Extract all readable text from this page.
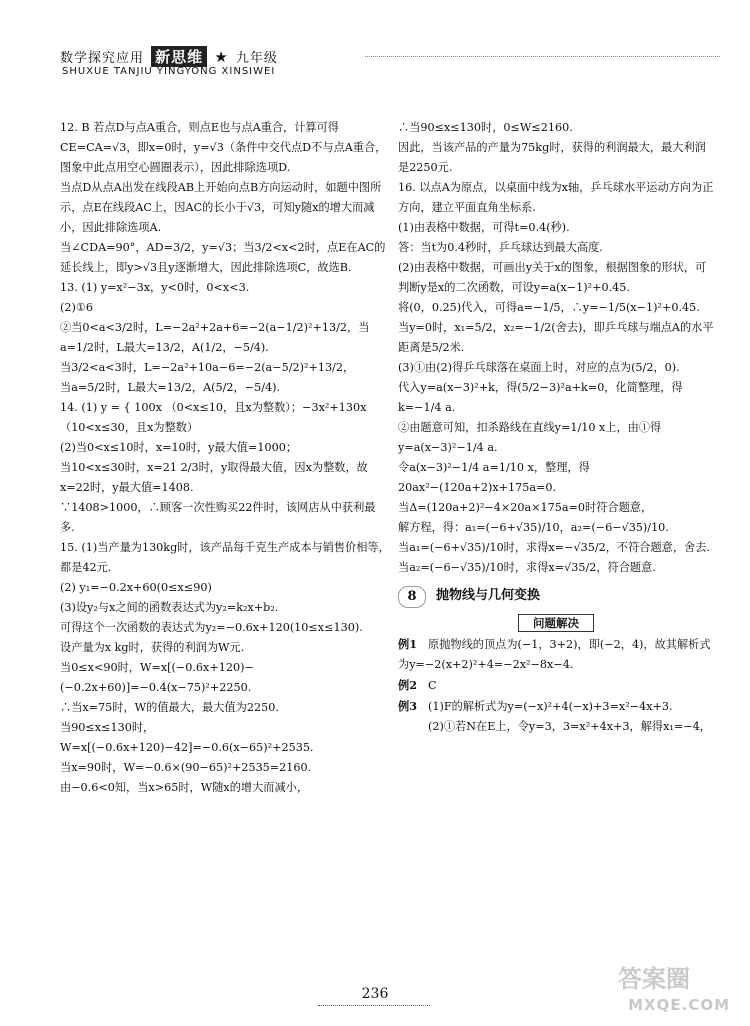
数学探究应用 新思维 ★ 九年级
SHUXUE TANJIU YINGYONG XINSIWEI

12. B 若点D与点A重合，则点E也与点A重合，计算可得CE=CA=√3，即x=0时，y=√3（条件中交代点D不与点A重合，图象中此点用空心圆圈表示），因此排除选项D.

当点D从点A出发在线段AB上开始向点B方向运动时，如题中图所示，点E在线段AC上，因AC的长小于√3，可知y随x的增大而减小，因此排除选项A.

当∠CDA=90°，AD=3/2，y=√3；当3/2<x<2时，点E在AC的延长线上，即y>√3且y逐渐增大，因此排除选项C，故选B.

13. (1) y=x²−3x，y<0时，0<x<3.

(2)①6

②当0<a<3/2时，L=−2a²+2a+6=−2(a−1/2)²+13/2，当a=1/2时，L最大=13/2，A(1/2，−5/4).

当3/2<a<3时，L=−2a²+10a−6=−2(a−5/2)²+13/2，

当a=5/2时，L最大=13/2，A(5/2，−5/4).

14. (1) y = { 100x （0<x≤10，且x为整数）；−3x²+130x （10<x≤30，且x为整数）

(2)当0<x≤10时，x=10时，y最大值=1000；

当10<x≤30时，x=21 2/3时，y取得最大值，因x为整数，故x=22时，y最大值=1408.

∵1408>1000，∴顾客一次性购买22件时，该网店从中获利最多.

15. (1)当产量为130kg时，该产品每千克生产成本与销售价相等，都是42元.

(2) y₁=−0.2x+60(0≤x≤90)

(3)设y₂与x之间的函数表达式为y₂=k₂x+b₂.

可得这个一次函数的表达式为y₂=−0.6x+120(10≤x≤130).

设产量为x kg时，获得的利润为W元.

当0≤x<90时，W=x[(−0.6x+120)−(−0.2x+60)]=−0.4(x−75)²+2250.

∴当x=75时，W的值最大，最大值为2250.

当90≤x≤130时，W=x[(−0.6x+120)−42]=−0.6(x−65)²+2535.

当x=90时，W=−0.6×(90−65)²+2535=2160.

由−0.6<0知，当x>65时，W随x的增大而减小，

∴当90≤x≤130时，0≤W≤2160.

因此，当该产品的产量为75kg时，获得的利润最大，最大利润是2250元.

16. 以点A为原点，以桌面中线为x轴，乒乓球水平运动方向为正方向，建立平面直角坐标系.

(1)由表格中数据，可得t=0.4(秒).

答：当t为0.4秒时，乒乓球达到最大高度.

(2)由表格中数据，可画出y关于x的图象，根据图象的形状，可判断y是x的二次函数，可设y=a(x−1)²+0.45.

将(0，0.25)代入，可得a=−1/5，∴y=−1/5(x−1)²+0.45.

当y=0时，x₁=5/2，x₂=−1/2(舍去)，即乒乓球与端点A的水平距离是5/2米.

(3)①由(2)得乒乓球落在桌面上时，对应的点为(5/2，0).

代入y=a(x−3)²+k，得(5/2−3)²a+k=0，化简整理，得k=−1/4 a.

②由题意可知，扣杀路线在直线y=1/10 x上，由①得y=a(x−3)²−1/4 a.

令a(x−3)²−1/4 a=1/10 x，整理，得20ax²−(120a+2)x+175a=0.

当Δ=(120a+2)²−4×20a×175a=0时符合题意，

解方程，得：a₁=(−6+√35)/10，a₂=(−6−√35)/10.

当a₁=(−6+√35)/10时，求得x=−√35/2，不符合题意，舍去.

当a₂=(−6−√35)/10时，求得x=√35/2，符合题意.

8	抛物线与几何变换
问题解决

例1 原抛物线的顶点为(−1，3+2)，即(−2，4)，故其解析式为y=−2(x+2)²+4=−2x²−8x−4.

例2 C

例3 (1)F的解析式为y=(−x)²+4(−x)+3=x²−4x+3.

(2)①若N在E上，令y=3，3=x²+4x+3，解得x₁=−4，

236
答案圈
MXQE.COM
